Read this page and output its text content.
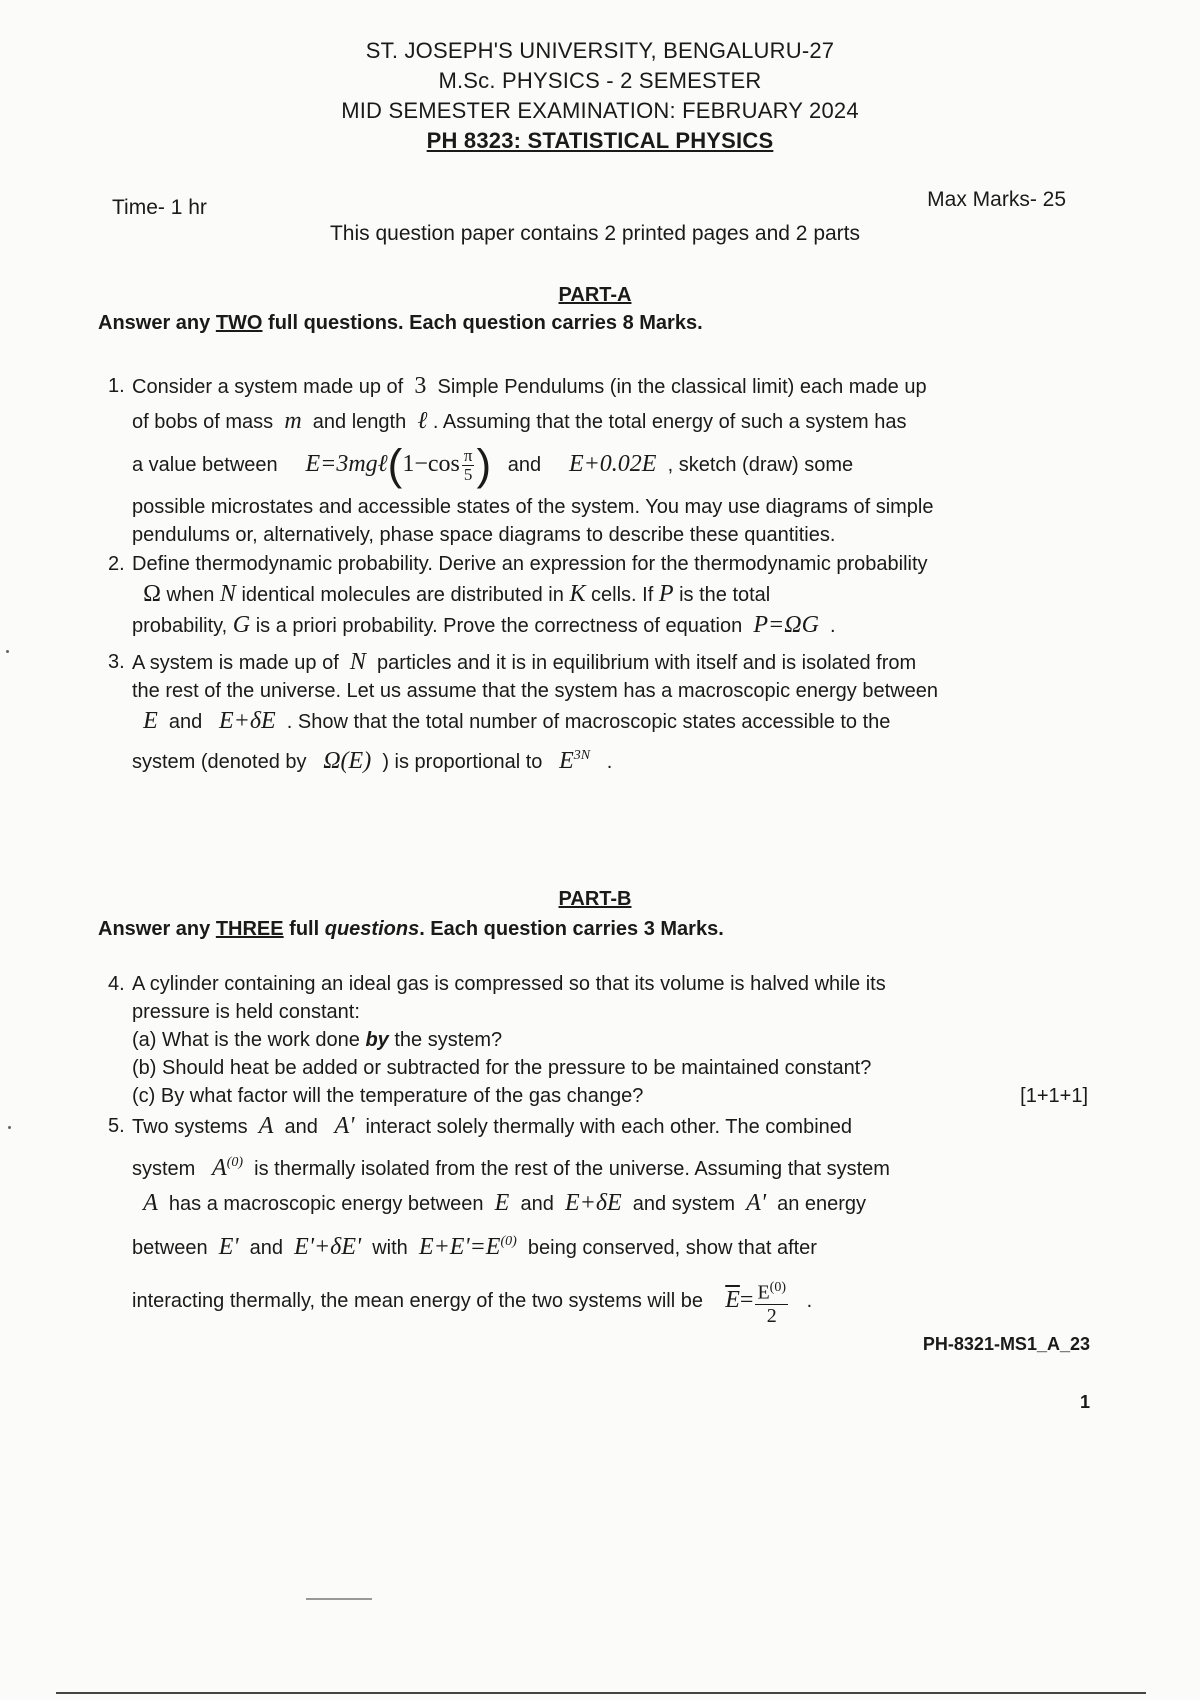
ST. JOSEPH'S UNIVERSITY, BENGALURU-27
M.Sc. PHYSICS - 2 SEMESTER
MID SEMESTER EXAMINATION: FEBRUARY 2024
PH 8323: STATISTICAL PHYSICS
Time- 1 hr	Max Marks- 25
This question paper contains 2 printed pages and 2 parts
PART-A
Answer any TWO full questions. Each question carries 8 Marks.
1. Consider a system made up of 3 Simple Pendulums (in the classical limit) each made up
of bobs of mass m and length ℓ . Assuming that the total energy of such a system has
a value between E=3mgℓ(1−cos $\frac{\pi}{5}$ ) and E+0.02E , sketch (draw) some
possible microstates and accessible states of the system. You may use diagrams of simple
pendulums or, alternatively, phase space diagrams to describe these quantities.
2. Define thermodynamic probability. Derive an expression for the thermodynamic probability
Ω when N identical molecules are distributed in K cells. If P is the total
probability, G is a priori probability. Prove the correctness of equation P=ΩG .
3. A system is made up of N particles and it is in equilibrium with itself and is isolated from
the rest of the universe. Let us assume that the system has a macroscopic energy between
E and E+δE . Show that the total number of macroscopic states accessible to the
system (denoted by Ω(E) ) is proportional to $E^{3N}$ .
PART-B
Answer any THREE full questions. Each question carries 3 Marks.
4. A cylinder containing an ideal gas is compressed so that its volume is halved while its
pressure is held constant:
(a) What is the work done by the system?
(b) Should heat be added or subtracted for the pressure to be maintained constant?
(c) By what factor will the temperature of the gas change?	[1+1+1]
5. Two systems A and A' interact solely thermally with each other. The combined
system $A^{(0)}$ is thermally isolated from the rest of the universe. Assuming that system
A has a macroscopic energy between E and E+δE and system A' an energy
between E' and E'+δE' with $E+E'=E^{(0)}$ being conserved, show that after
interacting thermally, the mean energy of the two systems will be $\overline{E}= \frac{E^{(0)}}{2}$ .
PH-8321-MS1_A_23
1
